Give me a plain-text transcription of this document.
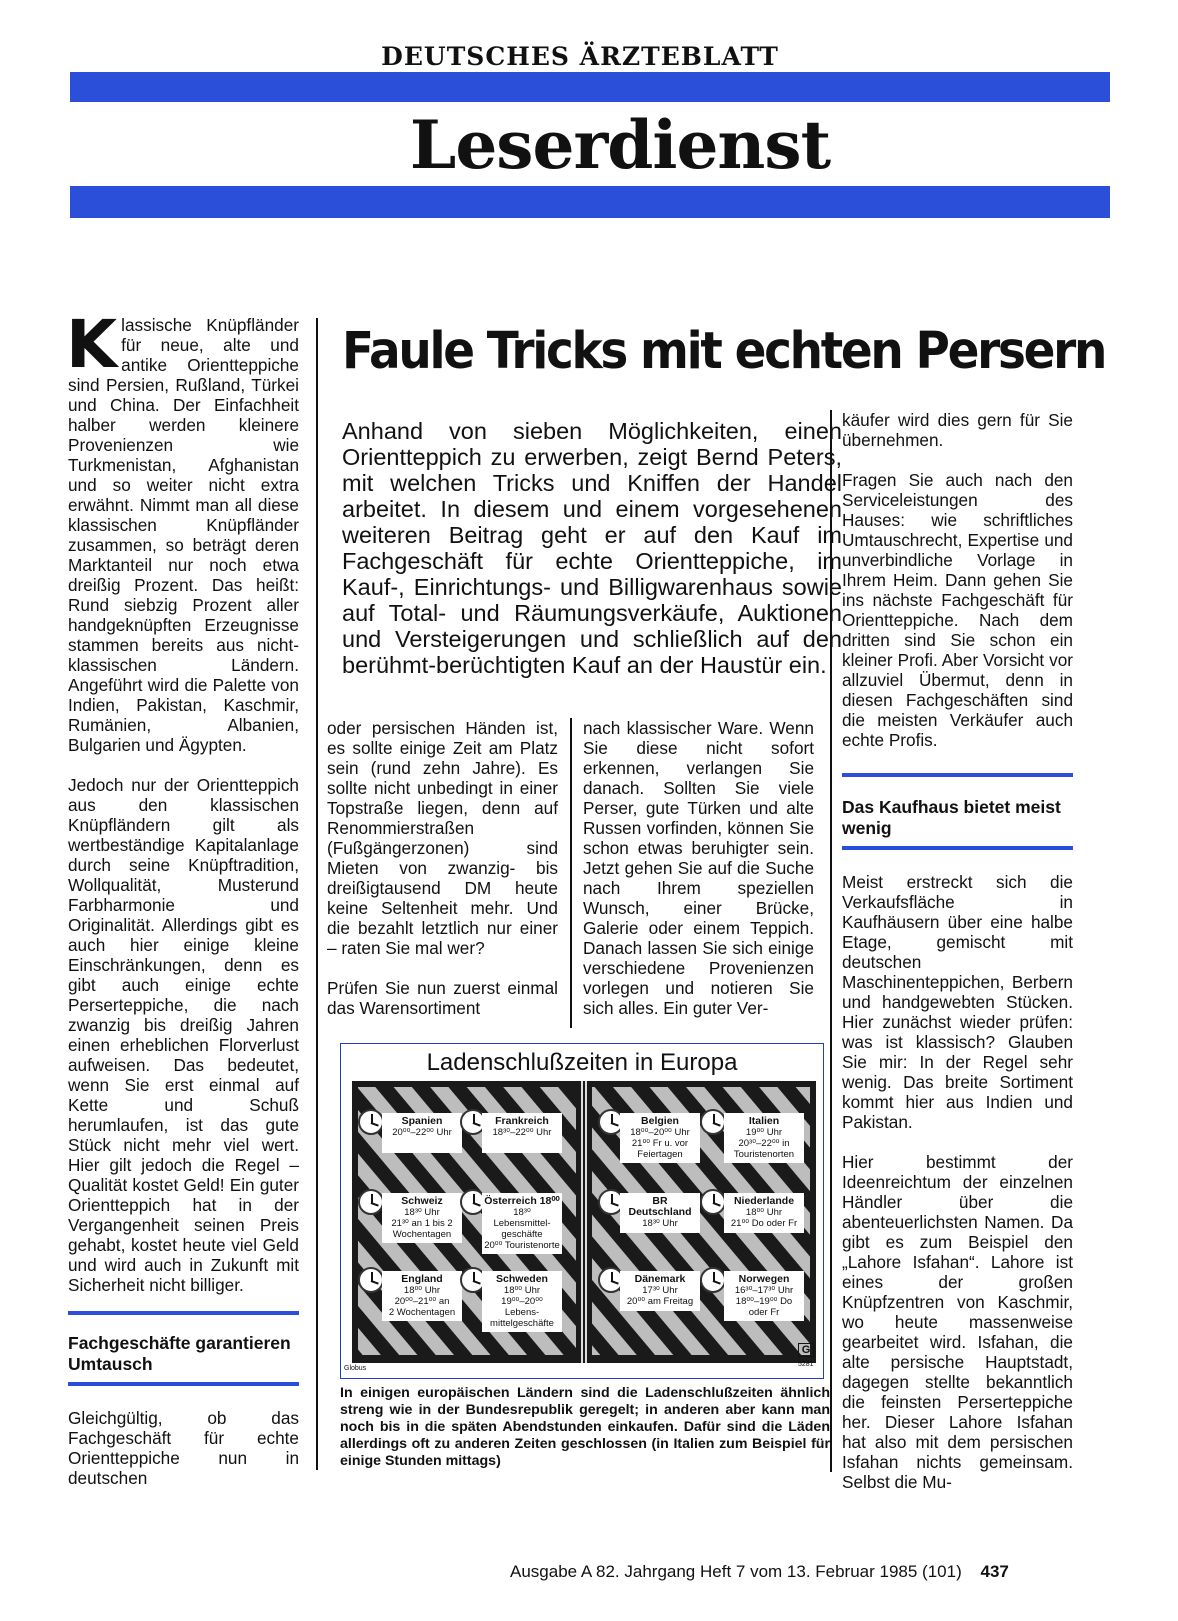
DEUTSCHES ÄRZTEBLATT
Leserdienst

Klassische Knüpfländer für neue, alte und antike Orientteppiche sind Persien, Rußland, Türkei und China. Der Einfachheit halber werden kleinere Provenienzen wie Turkmenistan, Afghanistan und so weiter nicht extra erwähnt. Nimmt man all diese klassischen Knüpfländer zusammen, so beträgt deren Marktanteil nur noch etwa dreißig Prozent. Das heißt: Rund siebzig Prozent aller handgeknüpften Erzeugnisse stammen bereits aus nicht-klassischen Ländern. Angeführt wird die Palette von Indien, Pakistan, Kaschmir, Rumänien, Albanien, Bulgarien und Ägypten.

Jedoch nur der Orientteppich aus den klassischen Knüpfländern gilt als wertbeständige Kapitalanlage durch seine Knüpftradition, Wollqualität, Musterund Farbharmonie und Originalität. Allerdings gibt es auch hier einige kleine Einschränkungen, denn es gibt auch einige echte Perserteppiche, die nach zwanzig bis dreißig Jahren einen erheblichen Florverlust aufweisen. Das bedeutet, wenn Sie erst einmal auf Kette und Schuß herumlaufen, ist das gute Stück nicht mehr viel wert. Hier gilt jedoch die Regel – Qualität kostet Geld! Ein guter Orientteppich hat in der Vergangenheit seinen Preis gehabt, kostet heute viel Geld und wird auch in Zukunft mit Sicherheit nicht billiger.

Fachgeschäfte garantieren Umtausch
Gleichgültig, ob das Fachgeschäft für echte Orientteppiche nun in deutschen
Faule Tricks mit echten Persern
Anhand von sieben Möglichkeiten, einen Orientteppich zu erwerben, zeigt Bernd Peters, mit welchen Tricks und Kniffen der Handel arbeitet. In diesem und einem vorgesehenen weiteren Beitrag geht er auf den Kauf im Fachgeschäft für echte Orientteppiche, im Kauf-, Einrichtungs- und Billigwarenhaus sowie auf Total- und Räumungsverkäufe, Auktionen und Versteigerungen und schließlich auf den berühmt-berüchtigten Kauf an der Haustür ein.

oder persischen Händen ist, es sollte einige Zeit am Platz sein (rund zehn Jahre). Es sollte nicht unbedingt in einer Topstraße liegen, denn auf Renommierstraßen (Fußgängerzonen) sind Mieten von zwanzig- bis dreißigtausend DM heute keine Seltenheit mehr. Und die bezahlt letztlich nur einer – raten Sie mal wer?

Prüfen Sie nun zuerst einmal das Warensortiment

nach klassischer Ware. Wenn Sie diese nicht sofort erkennen, verlangen Sie danach. Sollten Sie viele Perser, gute Türken und alte Russen vorfinden, können Sie schon etwas beruhigter sein. Jetzt gehen Sie auf die Suche nach Ihrem speziellen Wunsch, einer Brücke, Galerie oder einem Teppich. Danach lassen Sie sich einige verschiedene Provenienzen vorlegen und notieren Sie sich alles. Ein guter Ver-

käufer wird dies gern für Sie übernehmen.

Fragen Sie auch nach den Serviceleistungen des Hauses: wie schriftliches Umtauschrecht, Expertise und unverbindliche Vorlage in Ihrem Heim. Dann gehen Sie ins nächste Fachgeschäft für Orientteppiche. Nach dem dritten sind Sie schon ein kleiner Profi. Aber Vorsicht vor allzuviel Übermut, denn in diesen Fachgeschäften sind die meisten Verkäufer auch echte Profis.

Das Kaufhaus bietet meist wenig

Meist erstreckt sich die Verkaufsfläche in Kaufhäusern über eine halbe Etage, gemischt mit deutschen Maschinenteppichen, Berbern und handgewebten Stücken. Hier zunächst wieder prüfen: was ist klassisch? Glauben Sie mir: In der Regel sehr wenig. Das breite Sortiment kommt hier aus Indien und Pakistan.

Hier bestimmt der Ideenreichtum der einzelnen Händler über die abenteuerlichsten Namen. Da gibt es zum Beispiel den „Lahore Isfahan“. Lahore ist eines der großen Knüpfzentren von Kaschmir, wo heute massenweise gearbeitet wird. Isfahan, die alte persische Hauptstadt, dagegen stellte bekanntlich die feinsten Perserteppiche her. Dieser Lahore Isfahan hat also mit dem persischen Isfahan nichts gemeinsam. Selbst die Mu-

Ladenschlußzeiten in Europa
Spanien
20⁰⁰–22⁰⁰ Uhr
Frankreich
18³⁰–22⁰⁰ Uhr
Belgien
18⁰⁰–20⁰⁰ Uhr
21⁰⁰ Fr u. vor
Feiertagen
Italien
19⁰⁰ Uhr
20³⁰–22⁰⁰ in
Touristenorten
Schweiz
18³⁰ Uhr
21³⁰ an 1 bis 2
Wochentagen
Österreich 18⁰⁰
18³⁰ Lebensmittel-
geschäfte
20⁰⁰ Touristenorte
BR Deutschland
18³⁰ Uhr
Niederlande
18⁰⁰ Uhr
21⁰⁰ Do oder Fr
England
18⁰⁰ Uhr
20⁰⁰–21⁰⁰ an
2 Wochentagen
Schweden
18⁰⁰ Uhr
19⁰⁰–20⁰⁰ Lebens-
mittelgeschäfte
Dänemark
17³⁰ Uhr
20⁰⁰ am Freitag
Norwegen
16³⁰–17³⁰ Uhr
18⁰⁰–19⁰⁰ Do
oder Fr
Globus
G
5281
In einigen europäischen Ländern sind die Ladenschlußzeiten ähnlich streng wie in der Bundesrepublik geregelt; in anderen aber kann man noch bis in die späten Abendstunden einkaufen. Dafür sind die Läden allerdings oft zu anderen Zeiten geschlossen (in Italien zum Beispiel für einige Stunden mittags)
Ausgabe A 82. Jahrgang Heft 7 vom 13. Februar 1985 (101) 437
